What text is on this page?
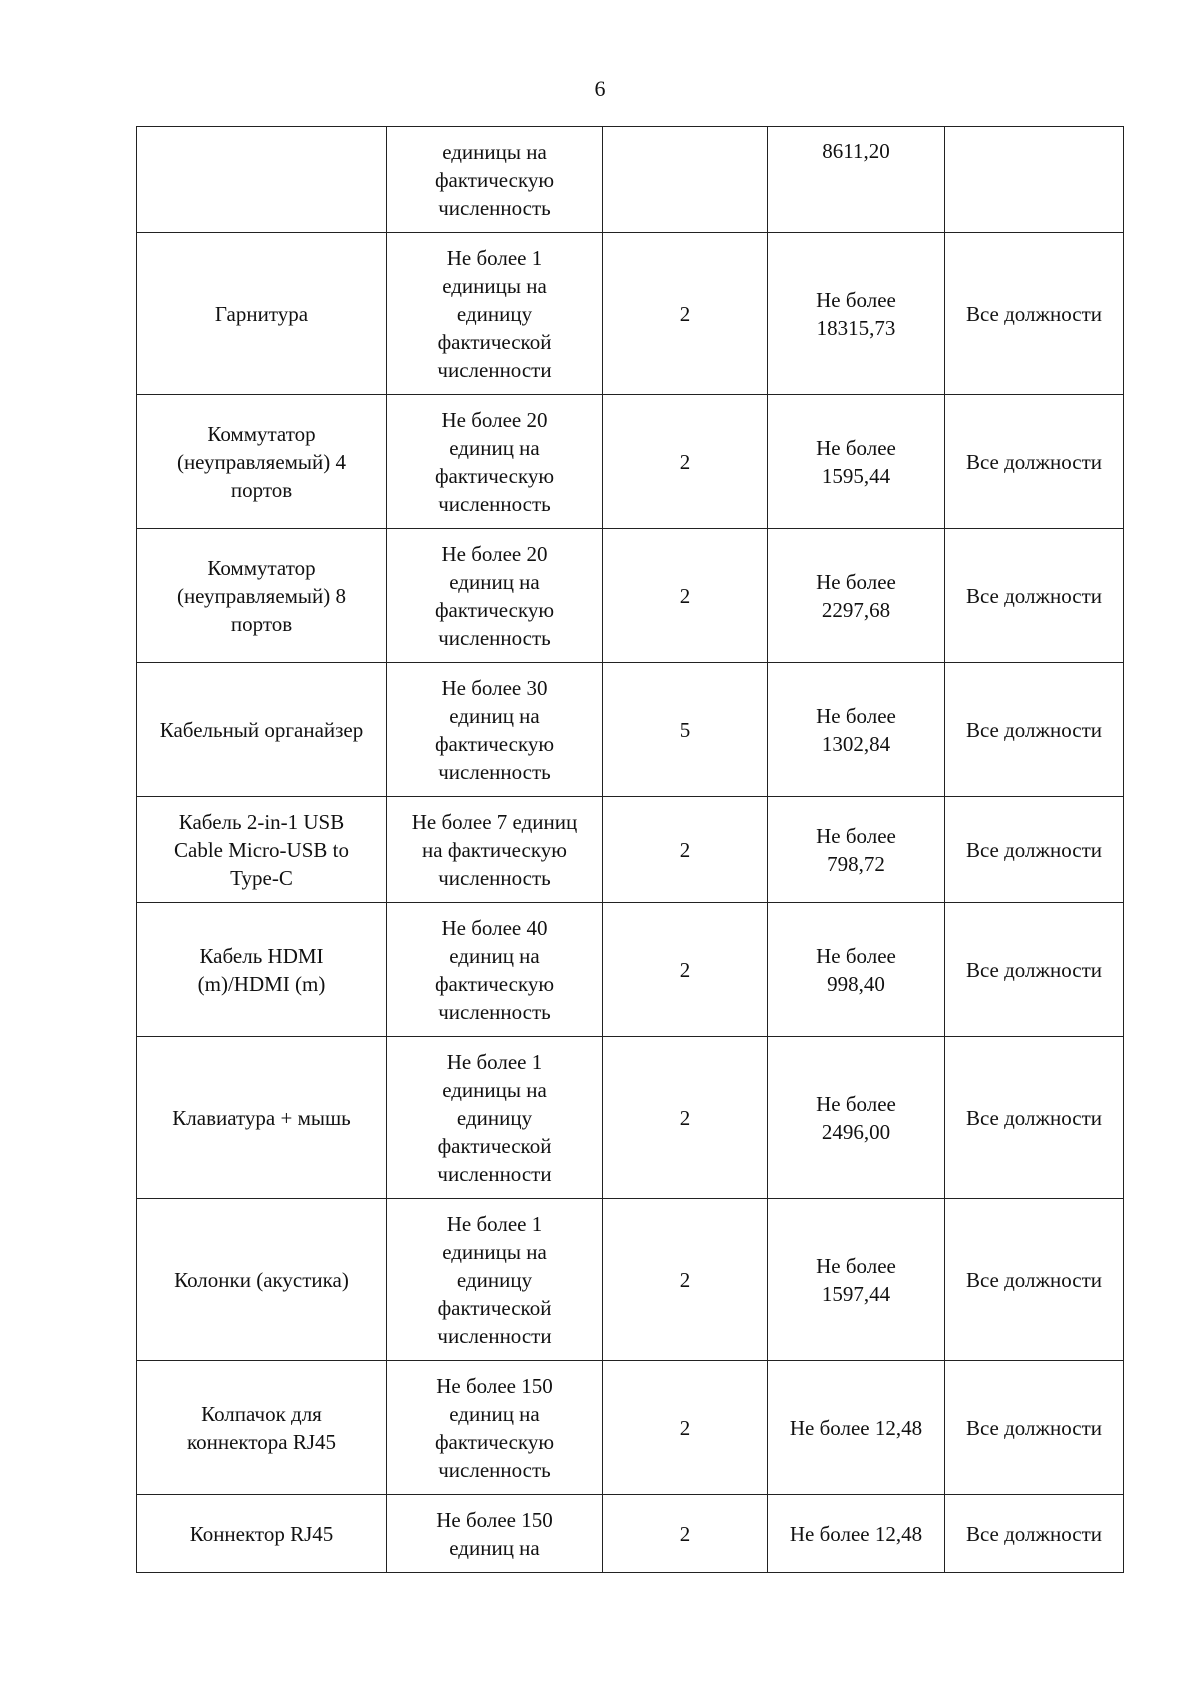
6

	единицы на
фактическую
численность		8611,20	

Гарнитура	Не более 1
единицы на
единицу
фактической
численности	2	Не более
18315,73	Все должности

Коммутатор
(неуправляемый) 4
портов	Не более 20
единиц на
фактическую
численность	2	Не более
1595,44	Все должности

Коммутатор
(неуправляемый) 8
портов	Не более 20
единиц на
фактическую
численность	2	Не более
2297,68	Все должности

Кабельный органайзер	Не более 30
единиц на
фактическую
численность	5	Не более
1302,84	Все должности

Кабель 2-in-1 USB
Cable Micro-USB to
Type-C	Не более 7 единиц
на фактическую
численность	2	Не более
798,72	Все должности

Кабель HDMI
(m)/HDMI (m)	Не более 40
единиц на
фактическую
численность	2	Не более
998,40	Все должности

Клавиатура + мышь	Не более 1
единицы на
единицу
фактической
численности	2	Не более
2496,00	Все должности

Колонки (акустика)	Не более 1
единицы на
единицу
фактической
численности	2	Не более
1597,44	Все должности

Колпачок для
коннектора RJ45	Не более 150
единиц на
фактическую
численность	2	Не более 12,48	Все должности

Коннектор RJ45	Не более 150
единиц на	2	Не более 12,48	Все должности
